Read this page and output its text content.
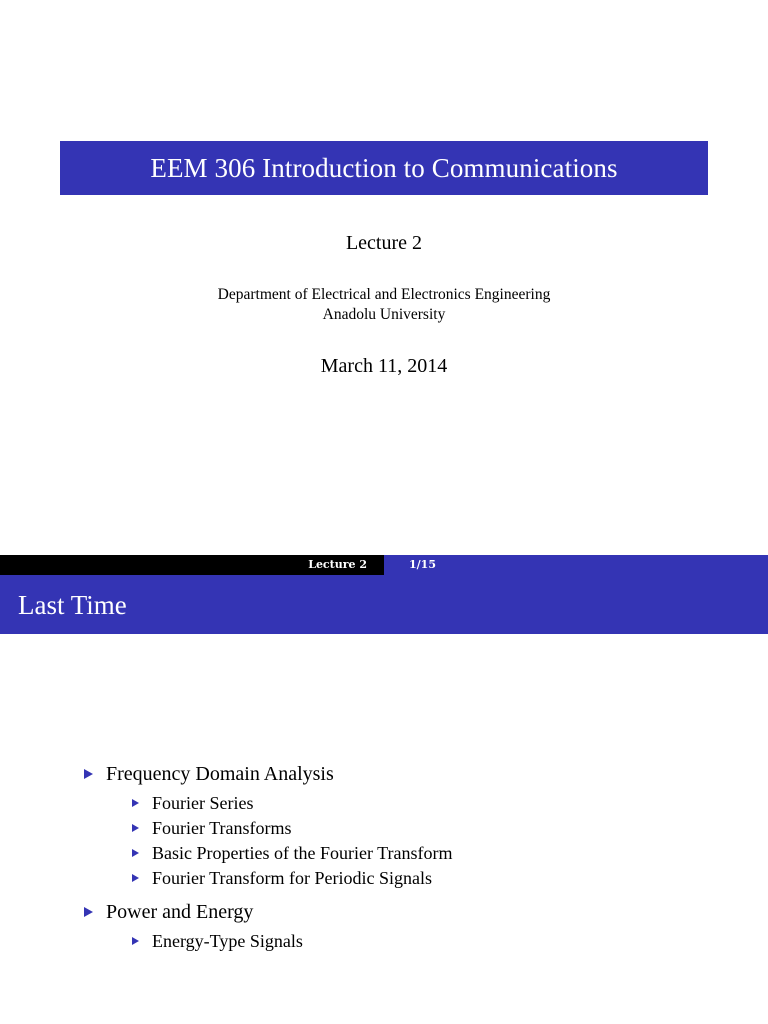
EEM 306 Introduction to Communications
Lecture 2
Department of Electrical and Electronics Engineering
Anadolu University
March 11, 2014
Lecture 2	1/15
Last Time
Frequency Domain Analysis
Fourier Series
Fourier Transforms
Basic Properties of the Fourier Transform
Fourier Transform for Periodic Signals
Power and Energy
Energy-Type Signals
